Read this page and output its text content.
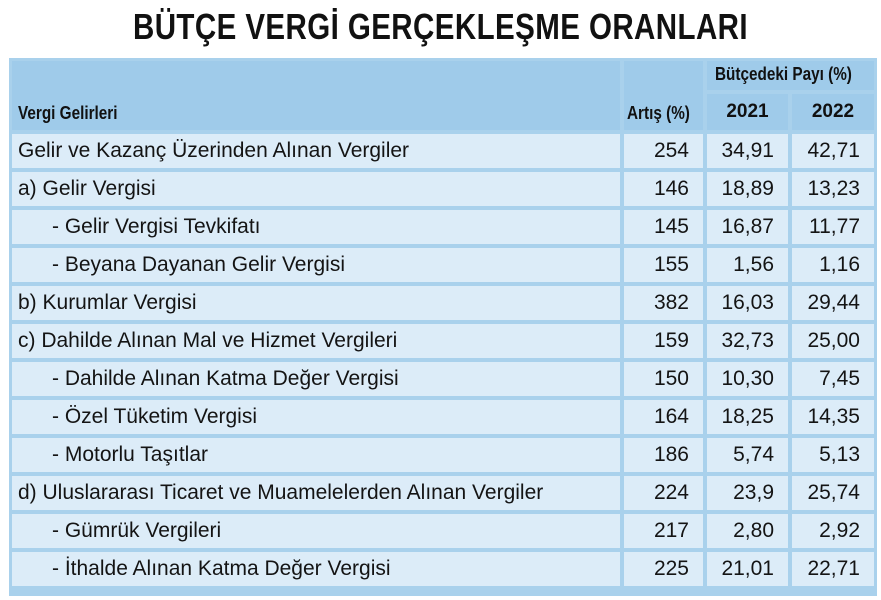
BÜTÇE VERGİ GERÇEKLEŞME ORANLARI
Vergi Gelirleri	Artış (%)
Bütçedeki Payı (%)
2021	2022
Gelir ve Kazanç Üzerinden Alınan Vergiler	254	34,91	42,71
a) Gelir Vergisi	146	18,89	13,23
- Gelir Vergisi Tevkifatı	145	16,87	11,77
- Beyana Dayanan Gelir Vergisi	155	1,56	1,16
b) Kurumlar Vergisi	382	16,03	29,44
c) Dahilde Alınan Mal ve Hizmet Vergileri	159	32,73	25,00
- Dahilde Alınan Katma Değer Vergisi	150	10,30	7,45
- Özel Tüketim Vergisi	164	18,25	14,35
- Motorlu Taşıtlar	186	5,74	5,13
d) Uluslararası Ticaret ve Muamelelerden Alınan Vergiler	224	23,9	25,74
- Gümrük Vergileri	217	2,80	2,92
- İthalde Alınan Katma Değer Vergisi	225	21,01	22,71
